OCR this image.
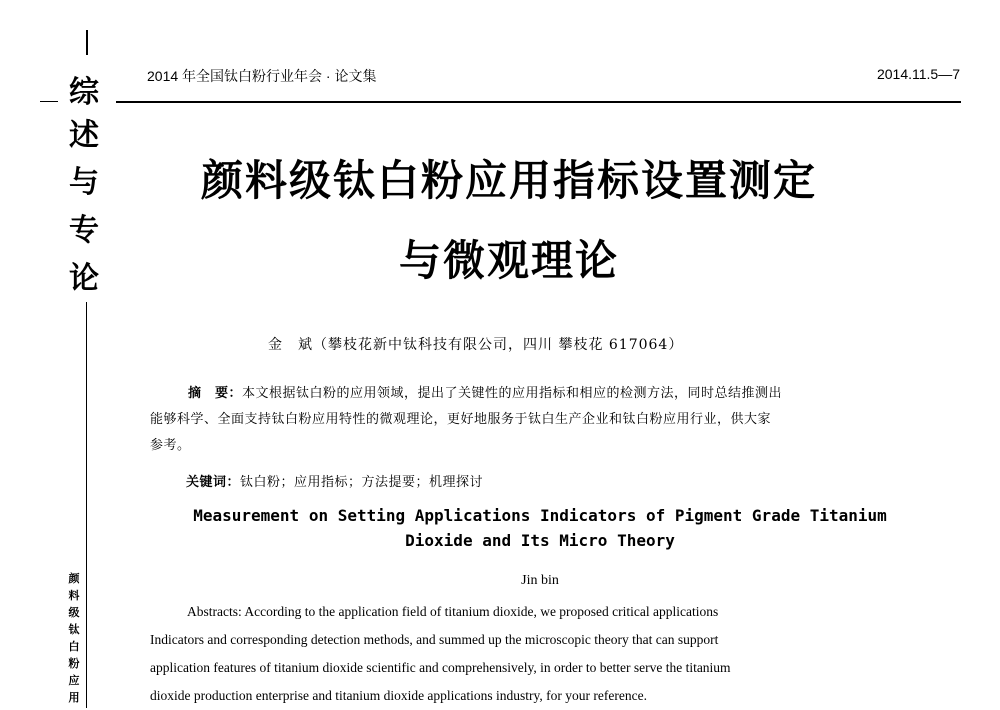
综
述
与
专
论
颜
料
级
钛
白
粉
应
用
2014 年全国钛白粉行业年会 · 论文集	2014.11.5—7
颜料级钛白粉应用指标设置测定
与微观理论
金　斌（攀枝花新中钛科技有限公司，四川 攀枝花 617064）
摘　要：本文根据钛白粉的应用领域，提出了关键性的应用指标和相应的检测方法，同时总结推测出
能够科学、全面支持钛白粉应用特性的微观理论，更好地服务于钛白生产企业和钛白粉应用行业，供大家
参考。
关键词：钛白粉；应用指标；方法提要；机理探讨
Measurement on Setting Applications Indicators of Pigment Grade Titanium
Dioxide and Its Micro Theory
Jin bin
Abstracts: According to the application field of titanium dioxide, we proposed critical applications
Indicators and corresponding detection methods, and summed up the microscopic theory that can support
application features of titanium dioxide scientific and comprehensively, in order to better serve the titanium
dioxide production enterprise and titanium dioxide applications industry, for your reference.
